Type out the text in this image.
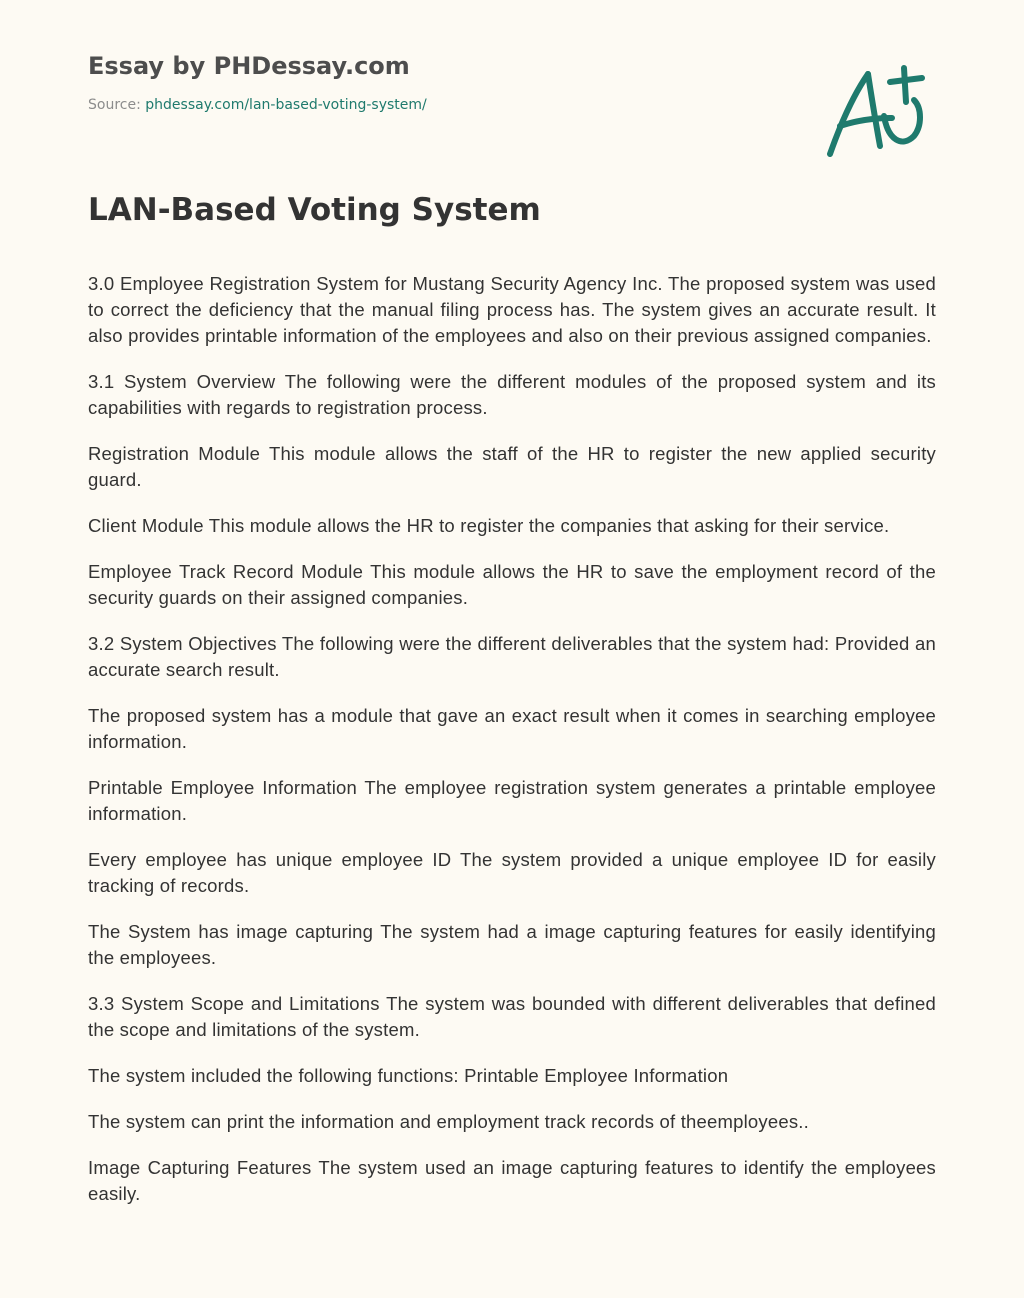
Essay by PHDessay.com
Source: phdessay.com/lan-based-voting-system/
LAN-Based Voting System

3.0 Employee Registration System for Mustang Security Agency Inc. The proposed system was used to correct the deficiency that the manual filing process has. The system gives an accurate result. It also provides printable information of the employees and also on their previous assigned companies.

3.1 System Overview The following were the different modules of the proposed system and its capabilities with regards to registration process.

Registration Module This module allows the staff of the HR to register the new applied security guard.

Client Module This module allows the HR to register the companies that asking for their service.

Employee Track Record Module This module allows the HR to save the employment record of the security guards on their assigned companies.

3.2 System Objectives The following were the different deliverables that the system had: Provided an accurate search result.

The proposed system has a module that gave an exact result when it comes in searching employee information.

Printable Employee Information The employee registration system generates a printable employee information.

Every employee has unique employee ID The system provided a unique employee ID for easily tracking of records.

The System has image capturing The system had a image capturing features for easily identifying the employees.

3.3 System Scope and Limitations The system was bounded with different deliverables that defined the scope and limitations of the system.

The system included the following functions: Printable Employee Information

The system can print the information and employment track records of theemployees..

Image Capturing Features The system used an image capturing features to identify the employees easily.
